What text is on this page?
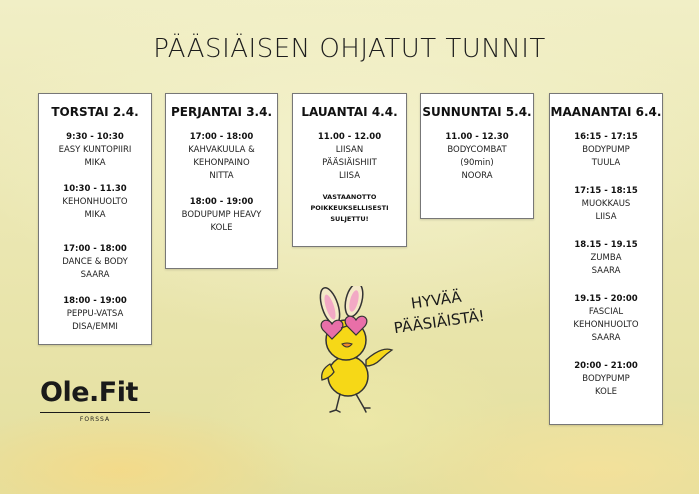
PÄÄSIÄISEN OHJATUT TUNNIT
TORSTAI 2.4.
9:30 - 10:30
EASY KUNTOPIIRI
MIKA
10:30 - 11.30
KEHONHUOLTO
MIKA
17:00 - 18:00
DANCE & BODY
SAARA
18:00 - 19:00
PEPPU-VATSA
DISA/EMMI
PERJANTAI 3.4.
17:00 - 18:00
KAHVAKUULA &
KEHONPAINO
NITTA
18:00 - 19:00
BODUPUMP HEAVY
KOLE
LAUANTAI 4.4.
11.00 - 12.00
LIISAN
PÄÄSIÄISHIIT
LIISA
VASTAANOTTO
POIKKEUKSELLISESTI
SULJETTU!
SUNNUNTAI 5.4.
11.00 - 12.30
BODYCOMBAT
(90min)
NOORA
MAANANTAI 6.4.
16:15 - 17:15
BODYPUMP
TUULA
17:15 - 18:15
MUOKKAUS
LIISA
18.15 - 19.15
ZUMBA
SAARA
19.15 - 20:00
FASCIAL
KEHONHUOLTO
SAARA
20:00 - 21:00
BODYPUMP
KOLE
Ole.Fit
FORSSA
HYVÄÄ
PÄÄSIÄISTÄ!
